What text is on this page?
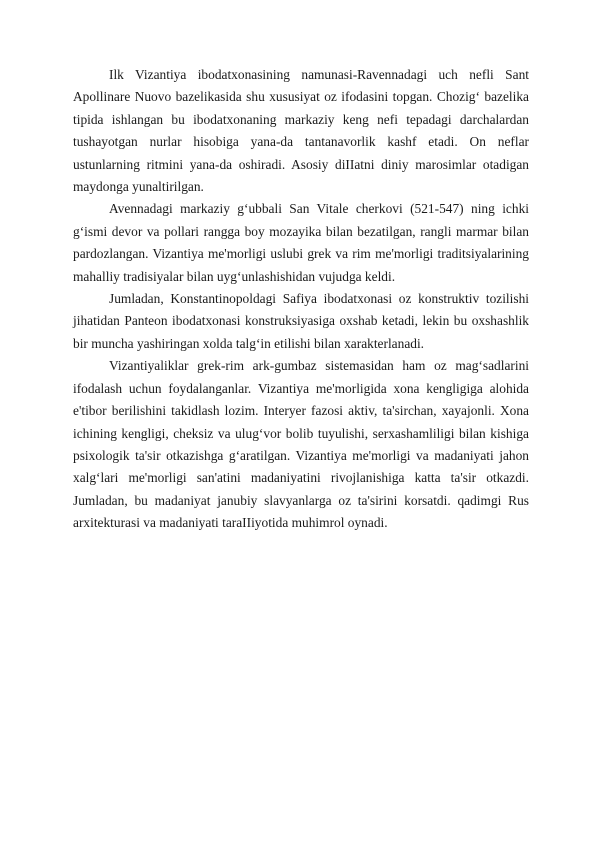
Ilk Vizantiya ibodatxonasining namunasi-Ravennadagi uch nefli Sant Apollinare Nuovo bazelikasida shu xususiyat oz ifodasini topgan. Chozig‘ bazelika tipida ishlangan bu ibodatxonaning markaziy keng nefi tepadagi darchalardan tushayotgan nurlar hisobiga yana-da tantanavorlik kashf etadi. On neflar ustunlarning ritmini yana-da oshiradi. Asosiy diIIatni diniy marosimlar otadigan maydonga yunaltirilgan.

Avennadagi markaziy g‘ubbali San Vitale cherkovi (521-547) ning ichki g‘ismi devor va pollari rangga boy mozayika bilan bezatilgan, rangli marmar bilan pardozlangan. Vizantiya me'morligi uslubi grek va rim me'morligi traditsiyalarining mahalliy tradisiyalar bilan uyg‘unlashishidan vujudga keldi.

Jumladan, Konstantinopoldagi Safiya ibodatxonasi oz konstruktiv tozilishi jihatidan Panteon ibodatxonasi konstruksiyasiga oxshab ketadi, lekin bu oxshashlik bir muncha yashiringan xolda talg‘in etilishi bilan xarakterlanadi.

Vizantiyaliklar grek-rim ark-gumbaz sistemasidan ham oz mag‘sadlarini ifodalash uchun foydalanganlar. Vizantiya me'morligida xona kengligiga alohida e'tibor berilishini takidlash lozim. Interyer fazosi aktiv, ta'sirchan, xayajonli. Xona ichining kengligi, cheksiz va ulug‘vor bolib tuyulishi, serxashamliligi bilan kishiga psixologik ta'sir otkazishga g‘aratilgan. Vizantiya me'morligi va madaniyati jahon xalg‘lari me'morligi san'atini madaniyatini rivojlanishiga katta ta'sir otkazdi. Jumladan, bu madaniyat janubiy slavyanlarga oz ta'sirini korsatdi. qadimgi Rus arxitekturasi va madaniyati taraIIiyotida muhimrol oynadi.
